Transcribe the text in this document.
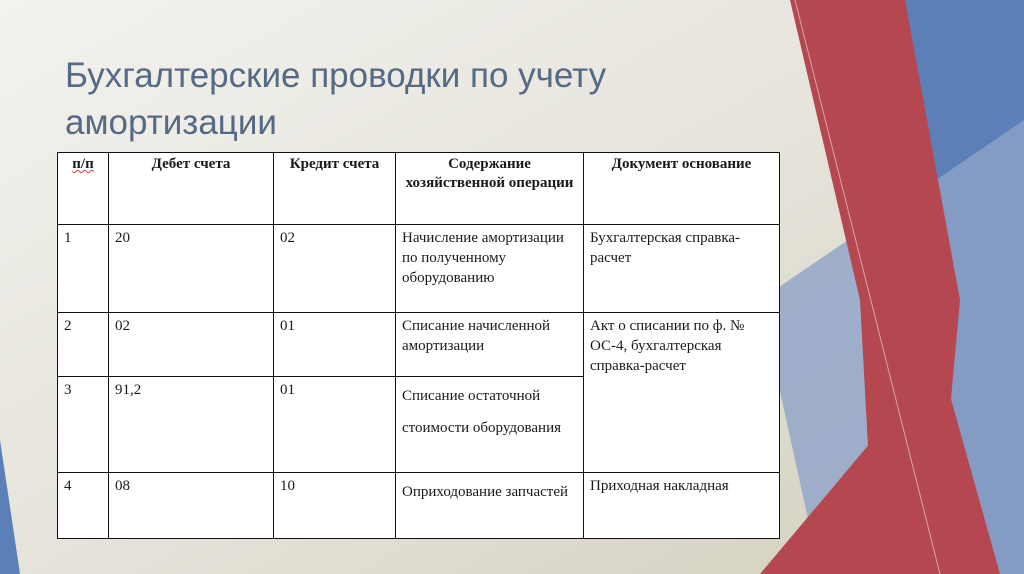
Бухгалтерские проводки по учету амортизации
п/п	Дебет счета	Кредит счета	Содержание хозяйственной операции	Документ основание
1	20	02	Начисление амортизации по полученному оборудованию	Бухгалтерская справка-расчет
2	02	01	Списание начисленной амортизации	Акт о списании по ф. № ОС-4, бухгалтерская справка-расчет
3	91,2	01	Списание остаточной стоимости оборудования	
4	08	10	Оприходование запчастей	Приходная накладная
